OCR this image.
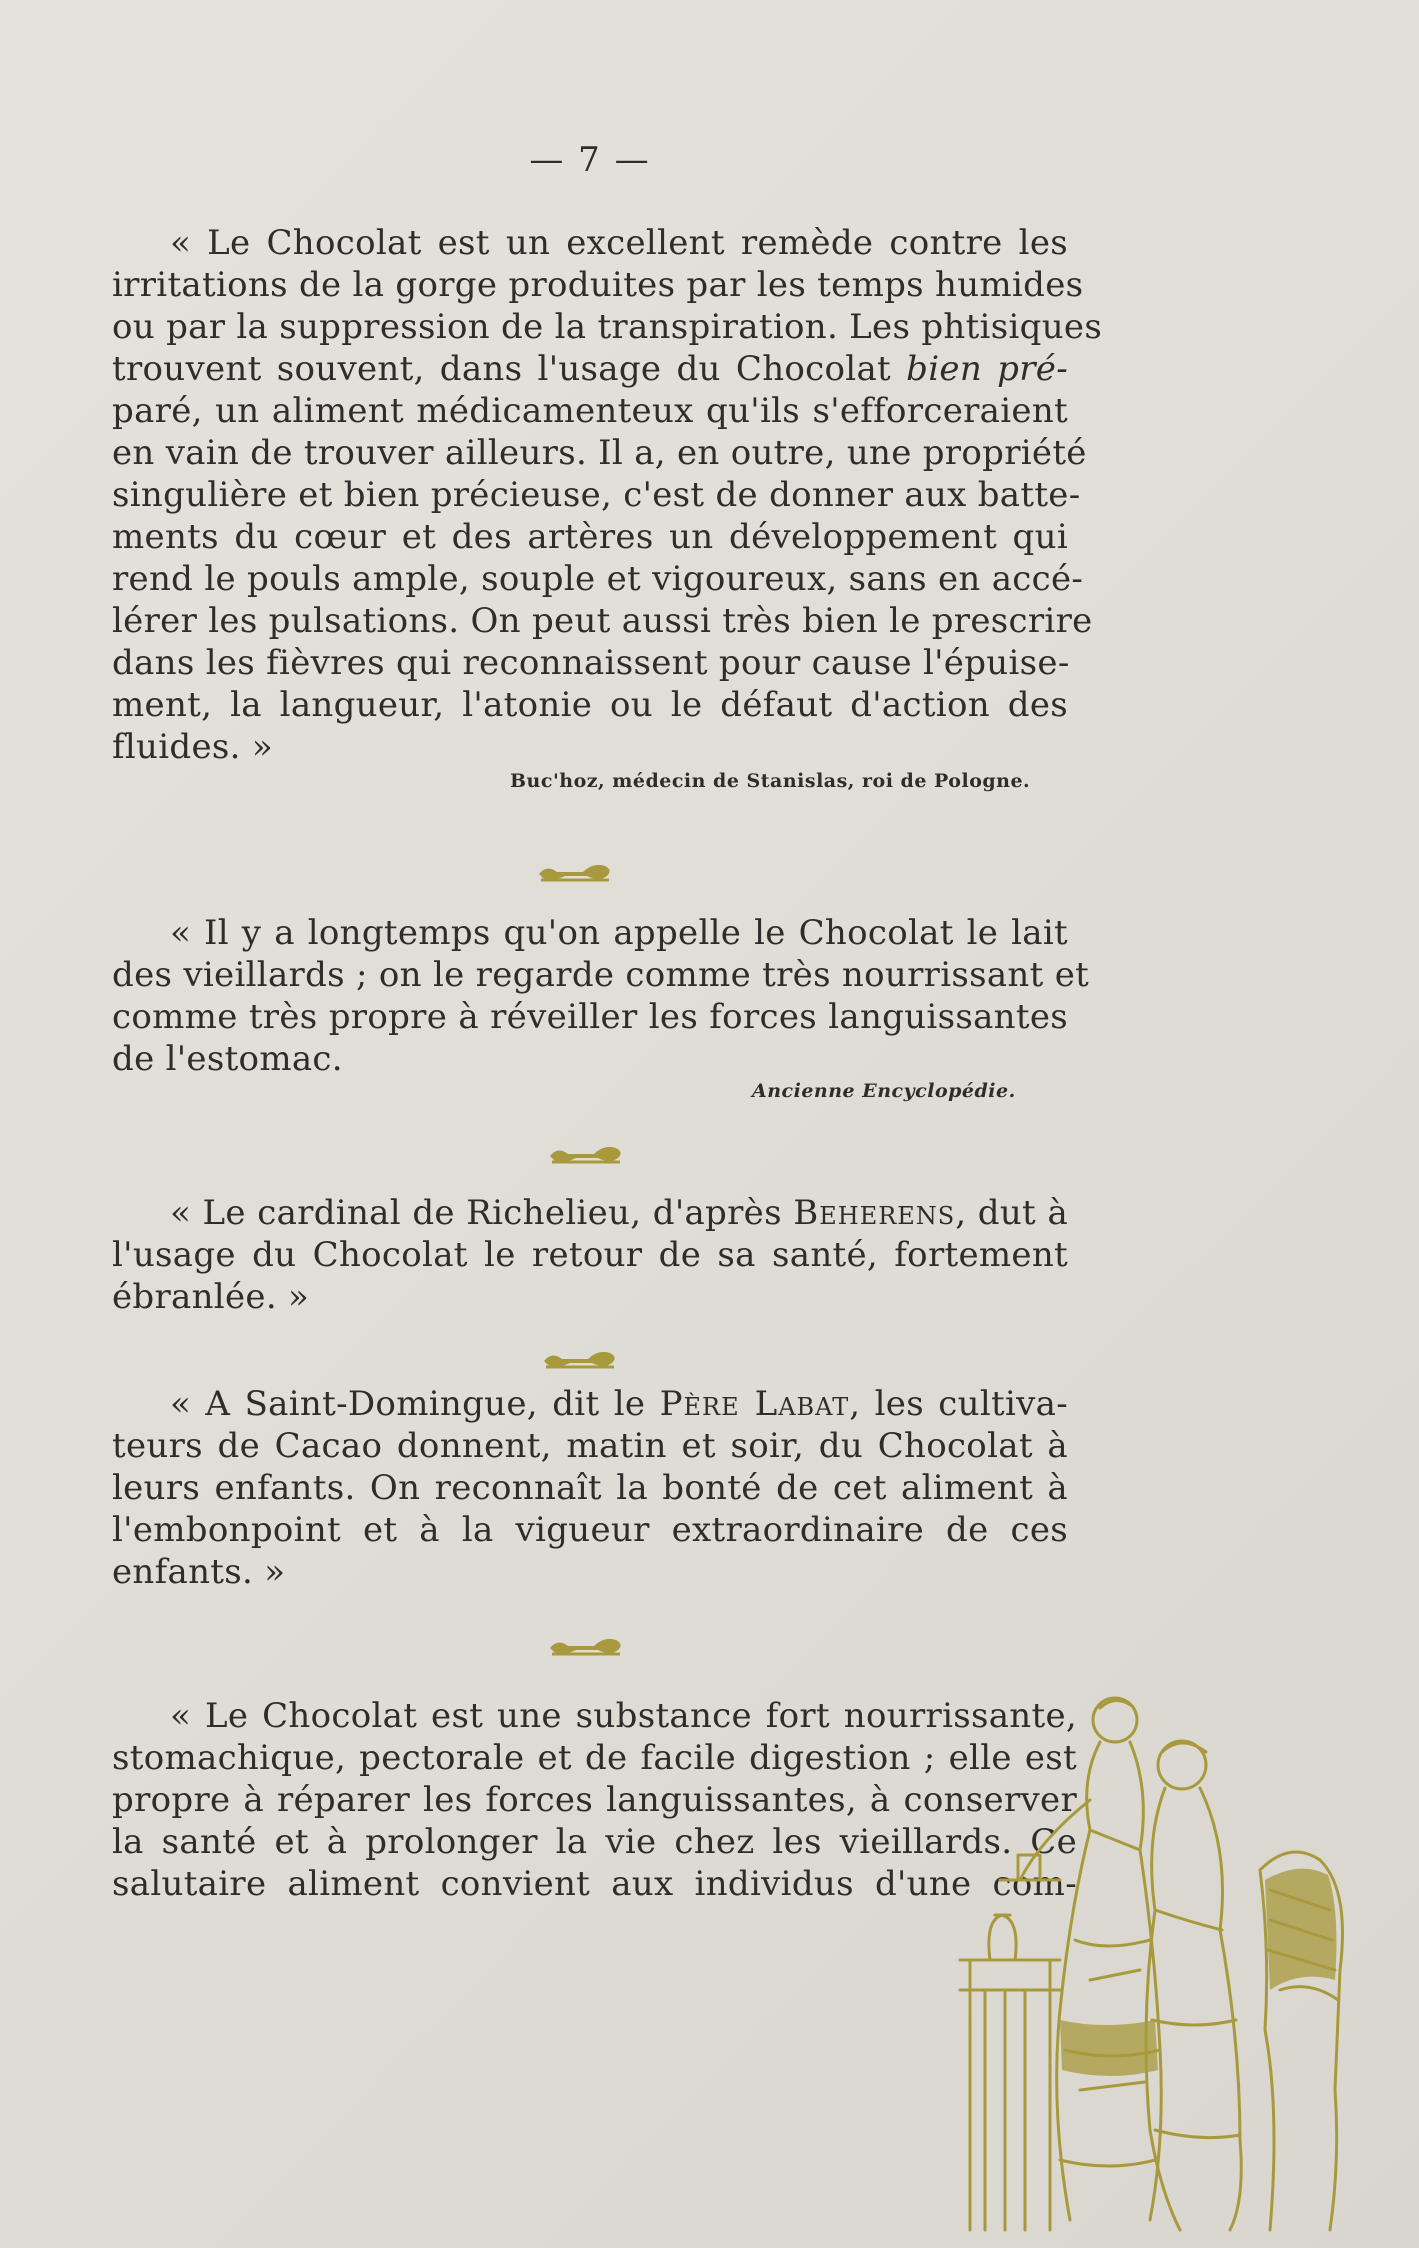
— 7 —
« Le Chocolat est un excellent remède contre les
irritations de la gorge produites par les temps humides
ou par la suppression de la transpiration. Les phtisiques
trouvent souvent, dans l'usage du Chocolat bien pré-
paré, un aliment médicamenteux qu'ils s'efforceraient
en vain de trouver ailleurs. Il a, en outre, une propriété
singulière et bien précieuse, c'est de donner aux batte-
ments du cœur et des artères un développement qui
rend le pouls ample, souple et vigoureux, sans en accé-
lérer les pulsations. On peut aussi très bien le prescrire
dans les fièvres qui reconnaissent pour cause l'épuise-
ment, la langueur, l'atonie ou le défaut d'action des
fluides. »
Buc'hoz, médecin de Stanislas, roi de Pologne.
« Il y a longtemps qu'on appelle le Chocolat le lait
des vieillards ; on le regarde comme très nourrissant et
comme très propre à réveiller les forces languissantes
de l'estomac.
Ancienne Encyclopédie.
« Le cardinal de Richelieu, d'après Beherens, dut à
l'usage du Chocolat le retour de sa santé, fortement
ébranlée. »
« A Saint-Domingue, dit le Père Labat, les cultiva-
teurs de Cacao donnent, matin et soir, du Chocolat à
leurs enfants. On reconnaît la bonté de cet aliment à
l'embonpoint et à la vigueur extraordinaire de ces
enfants. »
« Le Chocolat est une substance fort nourrissante,
stomachique, pectorale et de facile digestion ; elle est
propre à réparer les forces languissantes, à conserver
la santé et à prolonger la vie chez les vieillards. Ce
salutaire aliment convient aux individus d'une com-
